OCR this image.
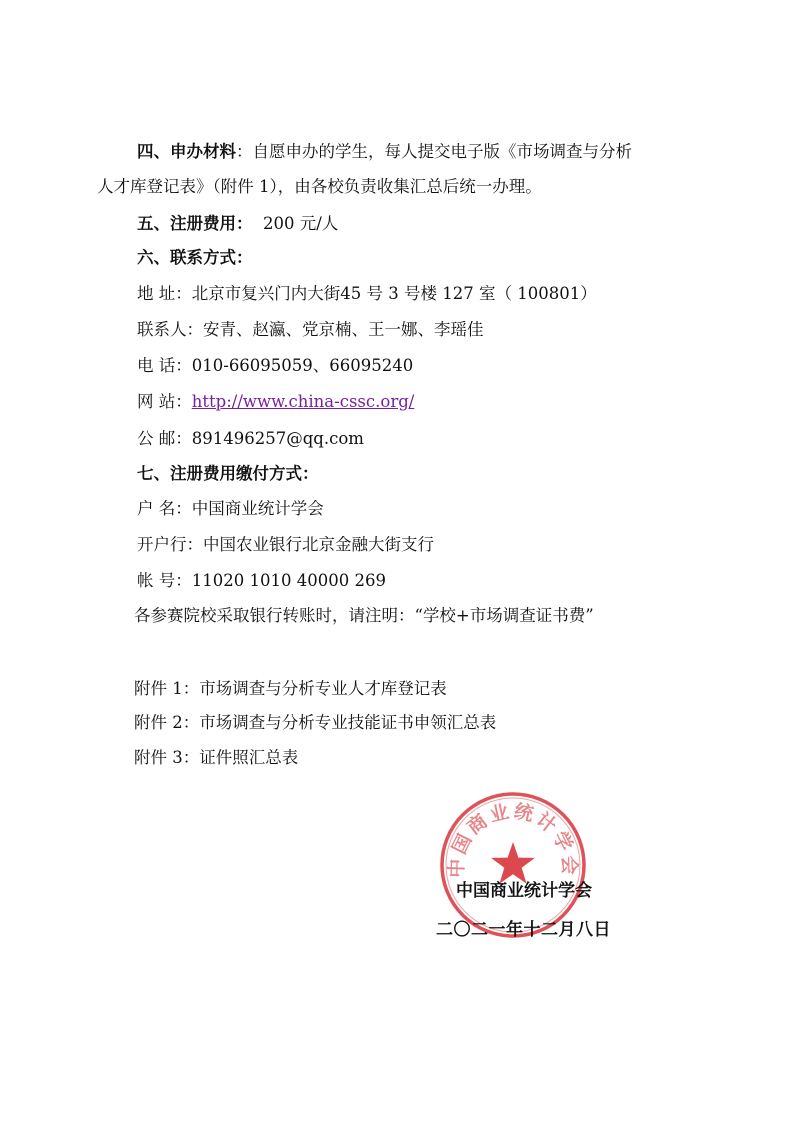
四、申办材料：自愿申办的学生，每人提交电子版《市场调查与分析
人才库登记表》（附件 1），由各校负责收集汇总后统一办理。
五、注册费用： 200 元/人
六、联系方式：
地 址：北京市复兴门内大街45 号 3 号楼 127 室（ 100801）
联系人：安青、赵瀛、党京楠、王一娜、李瑶佳
电 话：010-66095059、66095240
网 站：http://www.china-cssc.org/
公 邮：891496257@qq.com
七、注册费用缴付方式：
户 名：中国商业统计学会
开户行：中国农业银行北京金融大街支行
帐 号：11020 1010 40000 269
各参赛院校采取银行转账时，请注明：“学校+市场调查证书费”
附件 1：市场调查与分析专业人才库登记表
附件 2：市场调查与分析专业技能证书申领汇总表
附件 3：证件照汇总表
中国商业统计学会
中国商业统计学会
二〇二一年十二月八日
